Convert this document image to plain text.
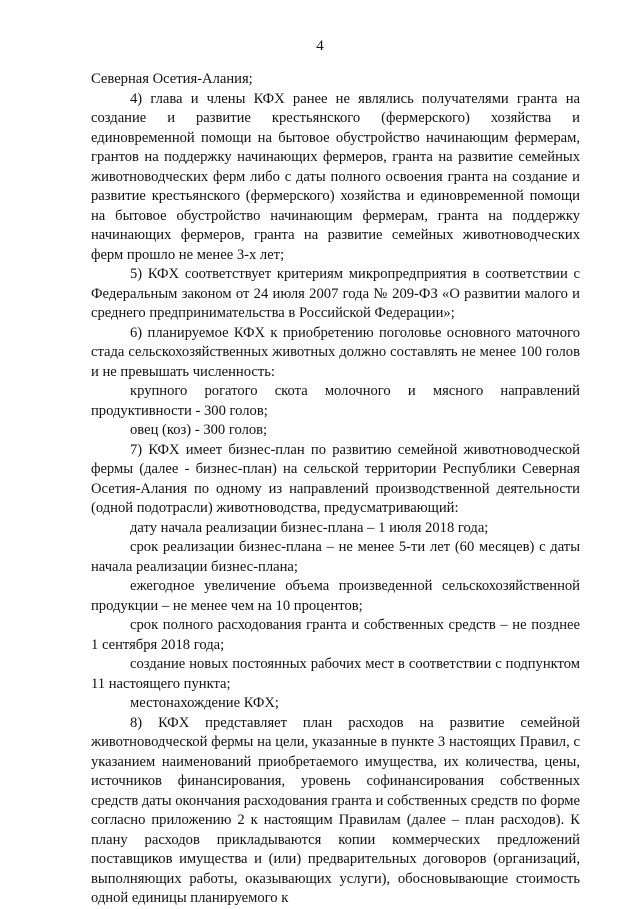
4

Северная Осетия-Алания;

4) глава и члены КФХ ранее не являлись получателями гранта на создание и развитие крестьянского (фермерского) хозяйства и единовременной помощи на бытовое обустройство начинающим фермерам, грантов на поддержку начинающих фермеров, гранта на развитие семейных животноводческих ферм либо с даты полного освоения гранта на создание и развитие крестьянского (фермерского) хозяйства и единовременной помощи на бытовое обустройство начинающим фермерам, гранта на поддержку начинающих фермеров, гранта на развитие семейных животноводческих ферм прошло не менее 3-х лет;

5) КФХ соответствует критериям микропредприятия в соответствии с Федеральным законом от 24 июля 2007 года № 209-ФЗ «О развитии малого и среднего предпринимательства в Российской Федерации»;

6) планируемое КФХ к приобретению поголовье основного маточного стада сельскохозяйственных животных должно составлять не менее 100 голов и не превышать численность:

крупного рогатого скота молочного и мясного направлений продуктивности - 300 голов;

овец (коз) - 300 голов;

7) КФХ имеет бизнес-план по развитию семейной животноводческой фермы (далее - бизнес-план) на сельской территории Республики Северная Осетия-Алания по одному из направлений производственной деятельности (одной подотрасли) животноводства, предусматривающий:

дату начала реализации бизнес-плана – 1 июля 2018 года;

срок реализации бизнес-плана – не менее 5-ти лет (60 месяцев) с даты начала реализации бизнес-плана;

ежегодное увеличение объема произведенной сельскохозяйственной продукции – не менее чем на 10 процентов;

срок полного расходования гранта и собственных средств – не позднее 1 сентября 2018 года;

создание новых постоянных рабочих мест в соответствии с подпунктом 11 настоящего пункта;

местонахождение КФХ;

8) КФХ представляет план расходов на развитие семейной животноводческой фермы на цели, указанные в пункте 3 настоящих Правил, с указанием наименований приобретаемого имущества, их количества, цены, источников финансирования, уровень софинансирования собственных средств даты окончания расходования гранта и собственных средств по форме согласно приложению 2 к настоящим Правилам (далее – план расходов). К плану расходов прикладываются копии коммерческих предложений поставщиков имущества и (или) предварительных договоров (организаций, выполняющих работы, оказывающих услуги), обосновывающие стоимость одной единицы планируемого к
